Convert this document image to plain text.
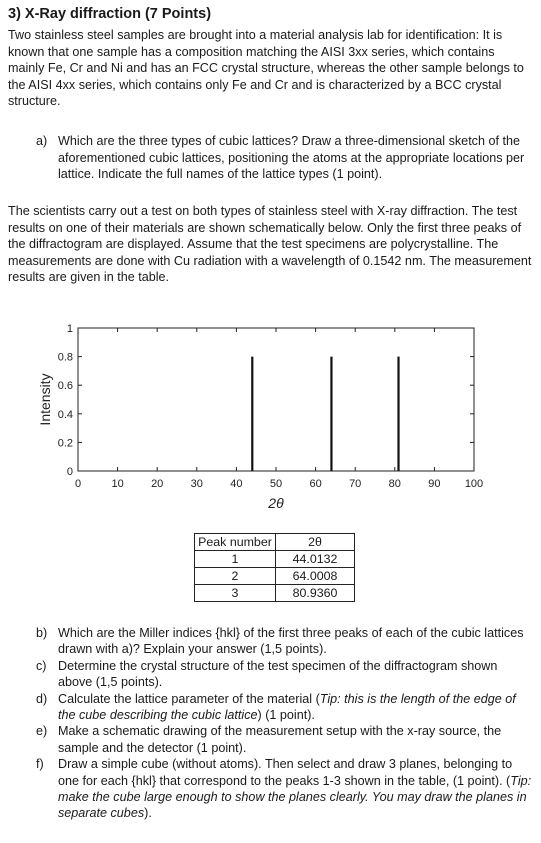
3) X-Ray diffraction (7 Points)

Two stainless steel samples are brought into a material analysis lab for identification: It is known that one sample has a composition matching the AISI 3xx series, which contains mainly Fe, Cr and Ni and has an FCC crystal structure, whereas the other sample belongs to the AISI 4xx series, which contains only Fe and Cr and is characterized by a BCC crystal structure.

a) Which are the three types of cubic lattices? Draw a three-dimensional sketch of the aforementioned cubic lattices, positioning the atoms at the appropriate locations per lattice. Indicate the full names of the lattice types (1 point).

The scientists carry out a test on both types of stainless steel with X-ray diffraction. The test results on one of their materials are shown schematically below. Only the first three peaks of the diffractogram are displayed. Assume that the test specimens are polycrystalline. The measurements are done with Cu radiation with a wavelength of 0.1542 nm. The measurement results are given in the table.

0	10 20 30 40 50 60 70 80 90 100
0
0.2
0.4
0.6
0.8
1
2θ
Intensity
Peak number	2θ
1	44.0132
2	64.0008
3	80.9360
b) Which are the Miller indices {hkl} of the first three peaks of each of the cubic lattices drawn with a)? Explain your answer (1,5 points).
c) Determine the crystal structure of the test specimen of the diffractogram shown above (1,5 points).
d) Calculate the lattice parameter of the material (Tip: this is the length of the edge of the cube describing the cubic lattice) (1 point).
e) Make a schematic drawing of the measurement setup with the x-ray source, the sample and the detector (1 point).
f) Draw a simple cube (without atoms). Then select and draw 3 planes, belonging to one for each {hkl} that correspond to the peaks 1-3 shown in the table, (1 point). (Tip: make the cube large enough to show the planes clearly. You may draw the planes in separate cubes).
